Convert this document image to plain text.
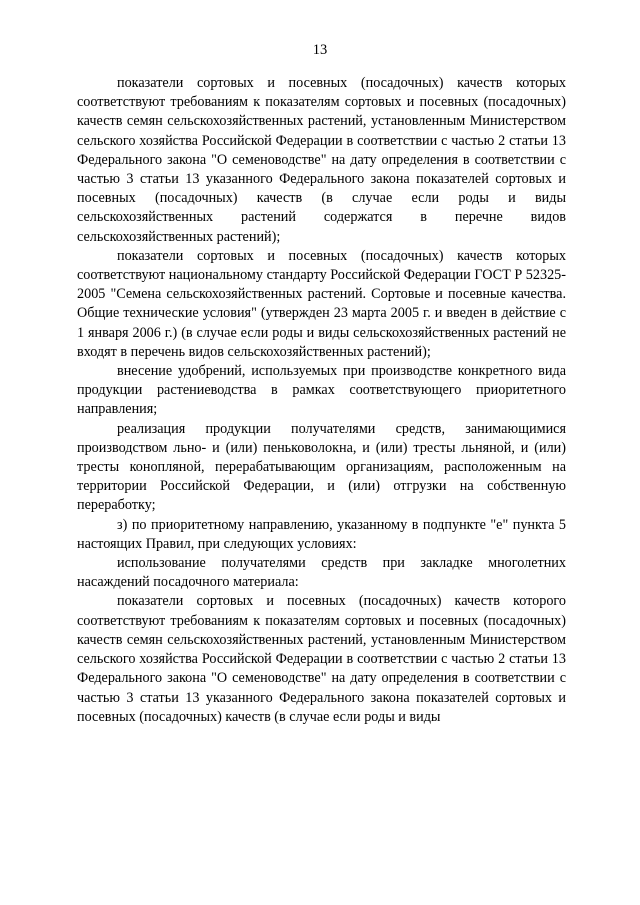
13

показатели сортовых и посевных (посадочных) качеств которых соответствуют требованиям к показателям сортовых и посевных (посадочных) качеств семян сельскохозяйственных растений, установленным Министерством сельского хозяйства Российской Федерации в соответствии с частью 2 статьи 13 Федерального закона "О семеноводстве" на дату определения в соответствии с частью 3 статьи 13 указанного Федерального закона показателей сортовых и посевных (посадочных) качеств (в случае если роды и виды сельскохозяйственных растений содержатся в перечне видов сельскохозяйственных растений);

показатели сортовых и посевных (посадочных) качеств которых соответствуют национальному стандарту Российской Федерации ГОСТ Р 52325-2005 "Семена сельскохозяйственных растений. Сортовые и посевные качества. Общие технические условия" (утвержден 23 марта 2005 г. и введен в действие с 1 января 2006 г.) (в случае если роды и виды сельскохозяйственных растений не входят в перечень видов сельскохозяйственных растений);

внесение удобрений, используемых при производстве конкретного вида продукции растениеводства в рамках соответствующего приоритетного направления;

реализация продукции получателями средств, занимающимися производством льно- и (или) пеньковолокна, и (или) тресты льняной, и (или) тресты конопляной, перерабатывающим организациям, расположенным на территории Российской Федерации, и (или) отгрузки на собственную переработку;

з) по приоритетному направлению, указанному в подпункте "е" пункта 5 настоящих Правил, при следующих условиях:

использование получателями средств при закладке многолетних насаждений посадочного материала:

показатели сортовых и посевных (посадочных) качеств которого соответствуют требованиям к показателям сортовых и посевных (посадочных) качеств семян сельскохозяйственных растений, установленным Министерством сельского хозяйства Российской Федерации в соответствии с частью 2 статьи 13 Федерального закона "О семеноводстве" на дату определения в соответствии с частью 3 статьи 13 указанного Федерального закона показателей сортовых и посевных (посадочных) качеств (в случае если роды и виды
